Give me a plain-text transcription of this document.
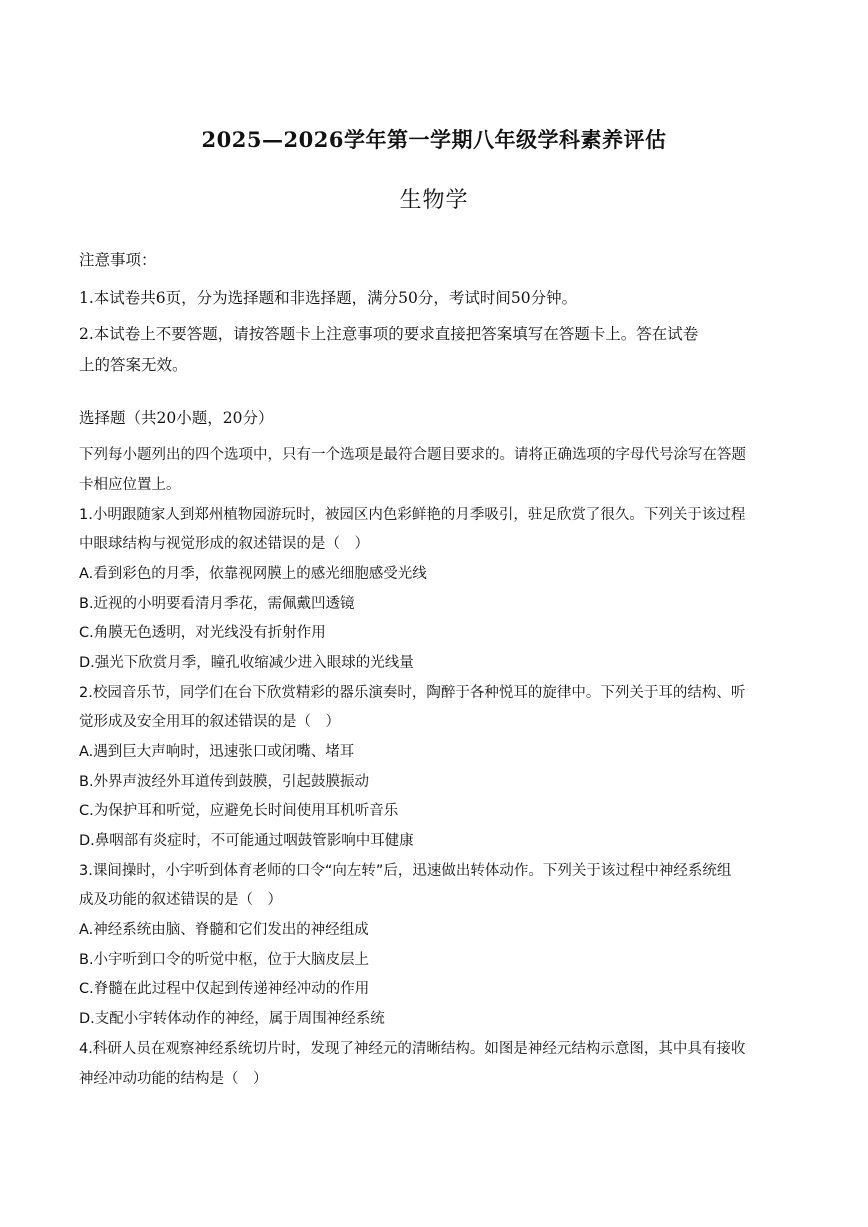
2025—2026学年第一学期八年级学科素养评估
生物学
注意事项：
1.本试卷共6页，分为选择题和非选择题，满分50分，考试时间50分钟。
2.本试卷上不要答题，请按答题卡上注意事项的要求直接把答案填写在答题卡上。答在试卷
上的答案无效。
选择题（共20小题，20分）
下列每小题列出的四个选项中，只有一个选项是最符合题目要求的。请将正确选项的字母代号涂写在答题
卡相应位置上。
1.小明跟随家人到郑州植物园游玩时，被园区内色彩鲜艳的月季吸引，驻足欣赏了很久。下列关于该过程
中眼球结构与视觉形成的叙述错误的是（　）
A.看到彩色的月季，依靠视网膜上的感光细胞感受光线
B.近视的小明要看清月季花，需佩戴凹透镜
C.角膜无色透明，对光线没有折射作用
D.强光下欣赏月季，瞳孔收缩减少进入眼球的光线量
2.校园音乐节，同学们在台下欣赏精彩的器乐演奏时，陶醉于各种悦耳的旋律中。下列关于耳的结构、听
觉形成及安全用耳的叙述错误的是（　）
A.遇到巨大声响时，迅速张口或闭嘴、堵耳
B.外界声波经外耳道传到鼓膜，引起鼓膜振动
C.为保护耳和听觉，应避免长时间使用耳机听音乐
D.鼻咽部有炎症时，不可能通过咽鼓管影响中耳健康
3.课间操时，小宇听到体育老师的口令“向左转”后，迅速做出转体动作。下列关于该过程中神经系统组
成及功能的叙述错误的是（　）
A.神经系统由脑、脊髓和它们发出的神经组成
B.小宇听到口令的听觉中枢，位于大脑皮层上
C.脊髓在此过程中仅起到传递神经冲动的作用
D.支配小宇转体动作的神经，属于周围神经系统
4.科研人员在观察神经系统切片时，发现了神经元的清晰结构。如图是神经元结构示意图，其中具有接收
神经冲动功能的结构是（　）
